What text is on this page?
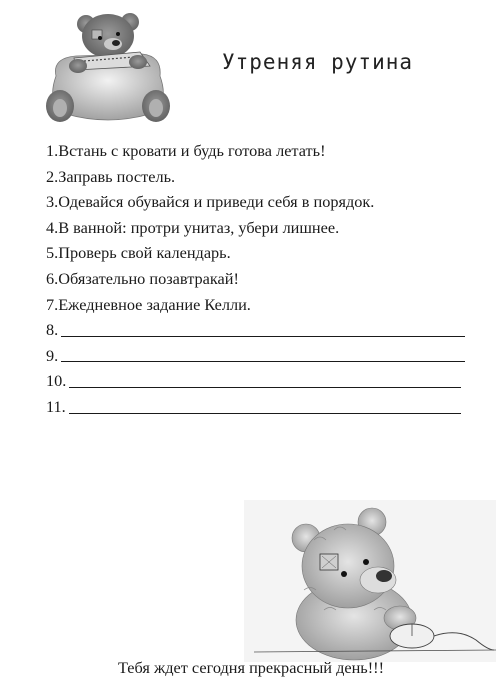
Утреняя рутина
1. Встань с кровати и будь готова летать!
2. Заправь постель.
3. Одевайся обувайся и приведи себя в порядок.
4. В ванной: протри унитаз, убери лишнее.
5. Проверь свой календарь.
6. Обязательно позавтракай!
7. Ежедневное задание Келли.
8.
9.
10.
11.
Тебя ждет сегодня прекрасный день!!!
